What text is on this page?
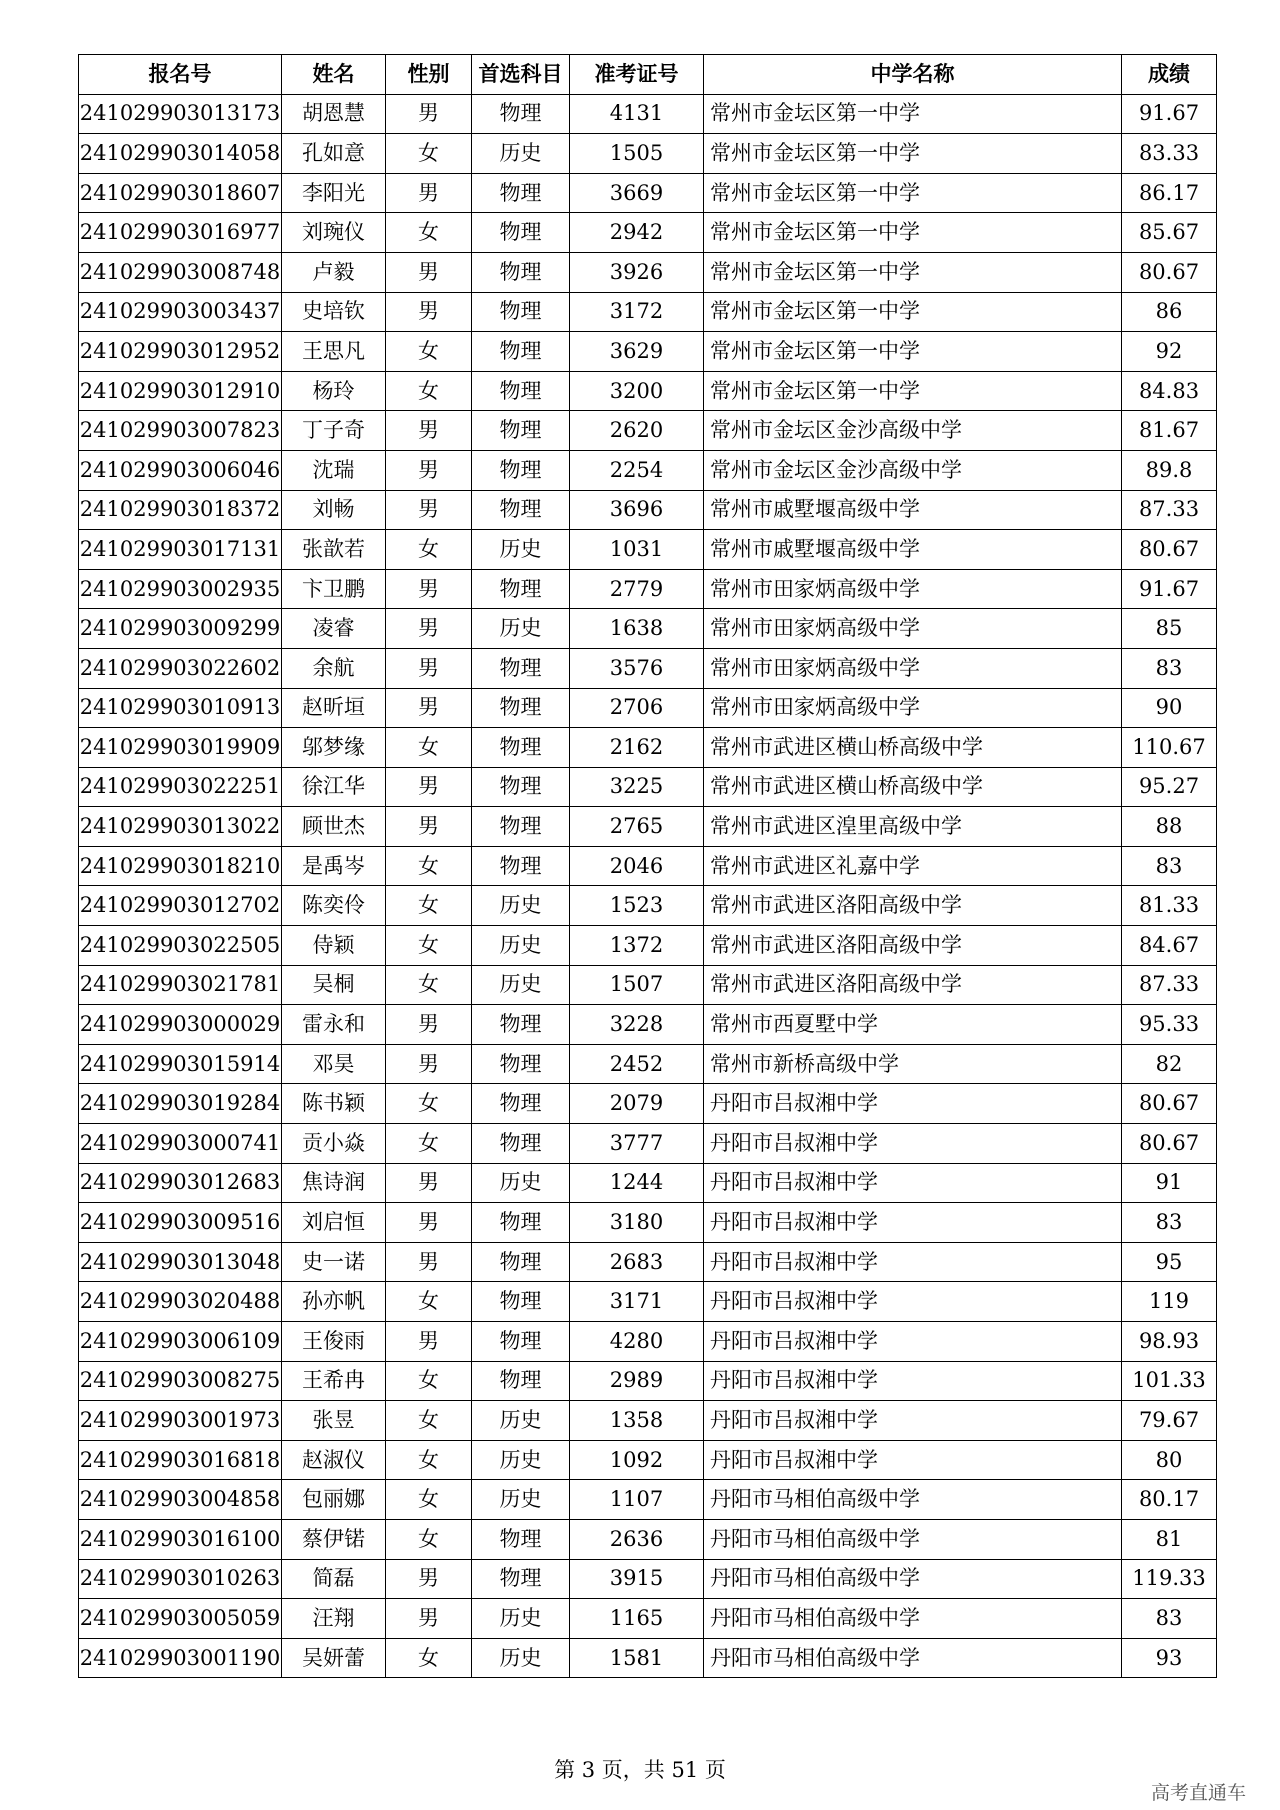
报名号	姓名	性别	首选科目	准考证号	中学名称	成绩
241029903013173	胡恩慧	男	物理	4131	常州市金坛区第一中学	91.67
241029903014058	孔如意	女	历史	1505	常州市金坛区第一中学	83.33
241029903018607	李阳光	男	物理	3669	常州市金坛区第一中学	86.17
241029903016977	刘琬仪	女	物理	2942	常州市金坛区第一中学	85.67
241029903008748	卢毅	男	物理	3926	常州市金坛区第一中学	80.67
241029903003437	史培钦	男	物理	3172	常州市金坛区第一中学	86
241029903012952	王思凡	女	物理	3629	常州市金坛区第一中学	92
241029903012910	杨玲	女	物理	3200	常州市金坛区第一中学	84.83
241029903007823	丁子奇	男	物理	2620	常州市金坛区金沙高级中学	81.67
241029903006046	沈瑞	男	物理	2254	常州市金坛区金沙高级中学	89.8
241029903018372	刘畅	男	物理	3696	常州市戚墅堰高级中学	87.33
241029903017131	张歆若	女	历史	1031	常州市戚墅堰高级中学	80.67
241029903002935	卞卫鹏	男	物理	2779	常州市田家炳高级中学	91.67
241029903009299	凌睿	男	历史	1638	常州市田家炳高级中学	85
241029903022602	余航	男	物理	3576	常州市田家炳高级中学	83
241029903010913	赵昕垣	男	物理	2706	常州市田家炳高级中学	90
241029903019909	邬梦缘	女	物理	2162	常州市武进区横山桥高级中学	110.67
241029903022251	徐江华	男	物理	3225	常州市武进区横山桥高级中学	95.27
241029903013022	顾世杰	男	物理	2765	常州市武进区湟里高级中学	88
241029903018210	是禹岑	女	物理	2046	常州市武进区礼嘉中学	83
241029903012702	陈奕伶	女	历史	1523	常州市武进区洛阳高级中学	81.33
241029903022505	侍颖	女	历史	1372	常州市武进区洛阳高级中学	84.67
241029903021781	吴桐	女	历史	1507	常州市武进区洛阳高级中学	87.33
241029903000029	雷永和	男	物理	3228	常州市西夏墅中学	95.33
241029903015914	邓昊	男	物理	2452	常州市新桥高级中学	82
241029903019284	陈书颖	女	物理	2079	丹阳市吕叔湘中学	80.67
241029903000741	贡小焱	女	物理	3777	丹阳市吕叔湘中学	80.67
241029903012683	焦诗润	男	历史	1244	丹阳市吕叔湘中学	91
241029903009516	刘启恒	男	物理	3180	丹阳市吕叔湘中学	83
241029903013048	史一诺	男	物理	2683	丹阳市吕叔湘中学	95
241029903020488	孙亦帆	女	物理	3171	丹阳市吕叔湘中学	119
241029903006109	王俊雨	男	物理	4280	丹阳市吕叔湘中学	98.93
241029903008275	王希冉	女	物理	2989	丹阳市吕叔湘中学	101.33
241029903001973	张昱	女	历史	1358	丹阳市吕叔湘中学	79.67
241029903016818	赵淑仪	女	历史	1092	丹阳市吕叔湘中学	80
241029903004858	包丽娜	女	历史	1107	丹阳市马相伯高级中学	80.17
241029903016100	蔡伊锘	女	物理	2636	丹阳市马相伯高级中学	81
241029903010263	简磊	男	物理	3915	丹阳市马相伯高级中学	119.33
241029903005059	汪翔	男	历史	1165	丹阳市马相伯高级中学	83
241029903001190	吴妍蕾	女	历史	1581	丹阳市马相伯高级中学	93
第 3 页，共 51 页
高考直通车
